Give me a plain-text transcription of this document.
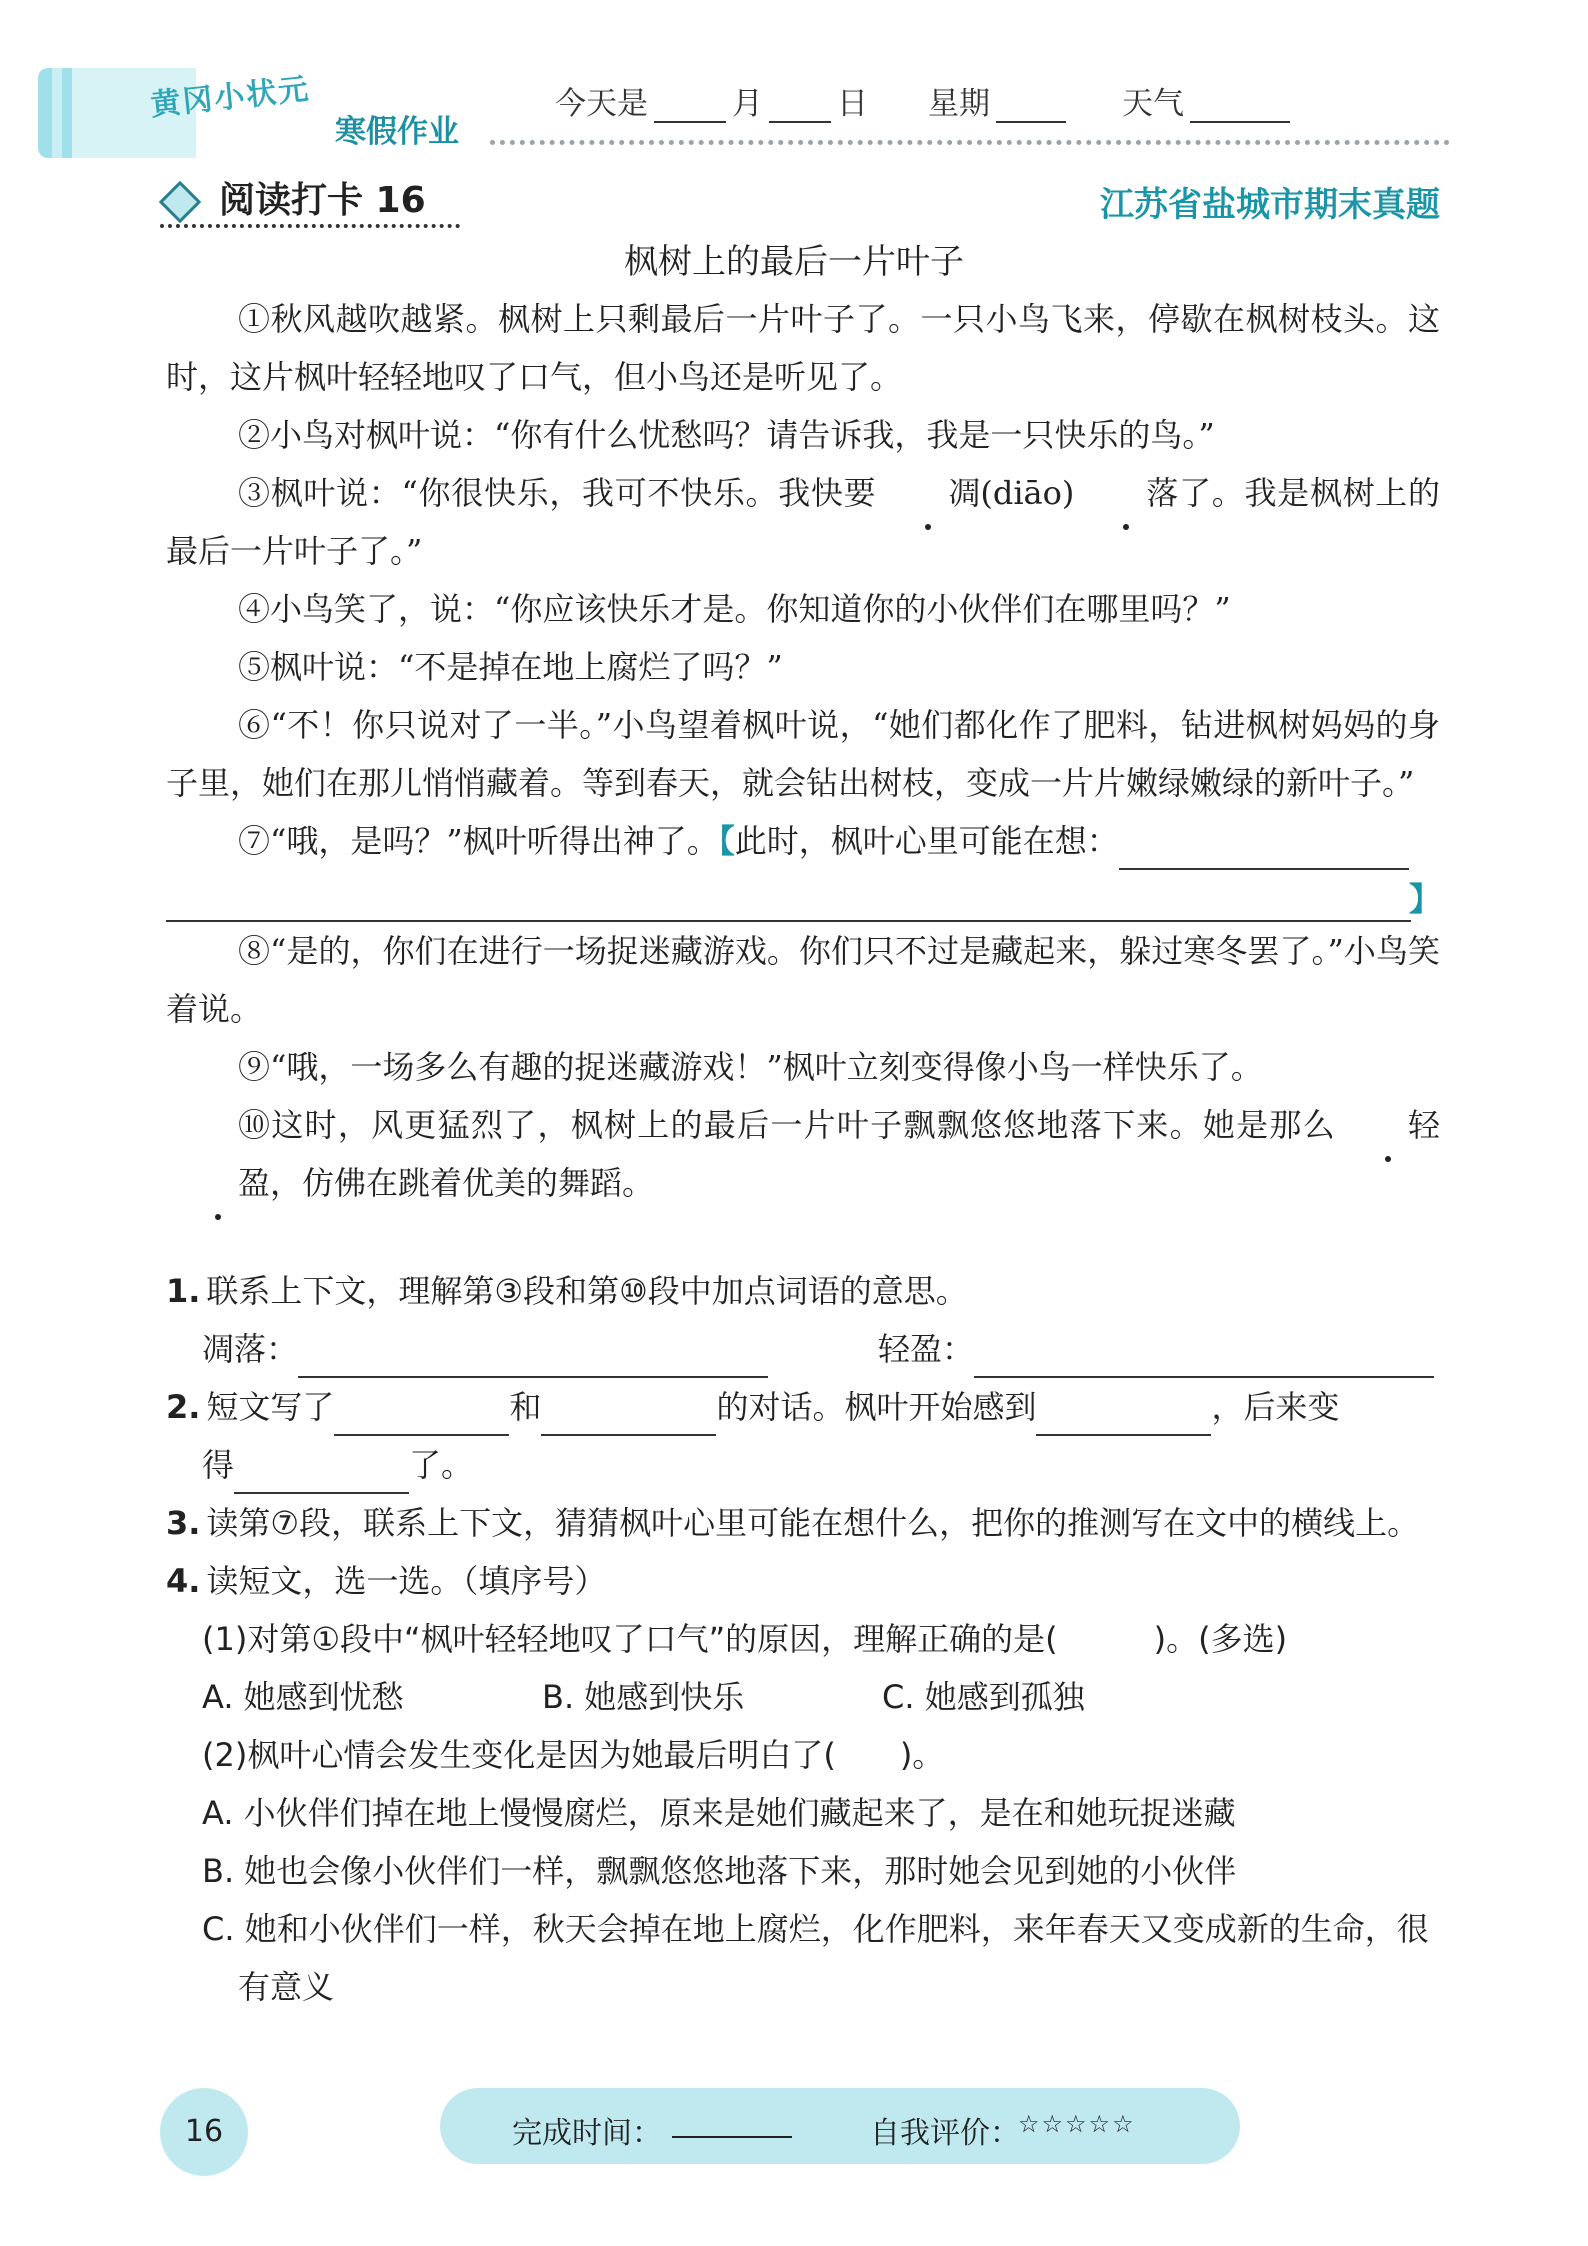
黄冈小状元
寒假作业
今天是	月 日 星期	天气
阅读打卡 16	江苏省盐城市期末真题
枫树上的最后一片叶子

①秋风越吹越紧。枫树上只剩最后一片叶子了。一只小鸟飞来，停歇在枫树枝头。这时，这片枫叶轻轻地叹了口气，但小鸟还是听见了。

②小鸟对枫叶说：“你有什么忧愁吗？请告诉我，我是一只快乐的鸟。”

③枫叶说：“你很快乐，我可不快乐。我快要 凋(diāo) 落了。我是枫树上的最后一片叶子了。”

④小鸟笑了，说：“你应该快乐才是。你知道你的小伙伴们在哪里吗？”

⑤枫叶说：“不是掉在地上腐烂了吗？”

⑥“不！你只说对了一半。”小鸟望着枫叶说，“她们都化作了肥料，钻进枫树妈妈的身子里，她们在那儿悄悄藏着。等到春天，就会钻出树枝，变成一片片嫩绿嫩绿的新叶子。”

⑦“哦，是吗？”枫叶听得出神了。【此时，枫叶心里可能在想：

】

⑧“是的，你们在进行一场捉迷藏游戏。你们只不过是藏起来，躲过寒冬罢了。”小鸟笑着说。

⑨“哦，一场多么有趣的捉迷藏游戏！”枫叶立刻变得像小鸟一样快乐了。

⑩这时，风更猛烈了，枫树上的最后一片叶子飘飘悠悠地落下来。她是那么 轻盈，仿佛在跳着优美的舞蹈。

1. 联系上下文，理解第③段和第⑩段中加点词语的意思。

凋落：	轻盈：

2. 短文写了	和	的对话。枫叶开始感到	，后来变

得	了。

3. 读第⑦段，联系上下文，猜猜枫叶心里可能在想什么，把你的推测写在文中的横线上。

4. 读短文，选一选。（填序号）

(1)对第①段中“枫叶轻轻地叹了口气”的原因，理解正确的是(　　　)。(多选)

A. 她感到忧愁	B. 她感到快乐	C. 她感到孤独

(2)枫叶心情会发生变化是因为她最后明白了(　　)。

A. 小伙伴们掉在地上慢慢腐烂，原来是她们藏起来了，是在和她玩捉迷藏

B. 她也会像小伙伴们一样，飘飘悠悠地落下来，那时她会见到她的小伙伴

C. 她和小伙伴们一样，秋天会掉在地上腐烂，化作肥料，来年春天又变成新的生命，很有意义

16	完成时间：	自我评价：
☆☆☆☆☆
